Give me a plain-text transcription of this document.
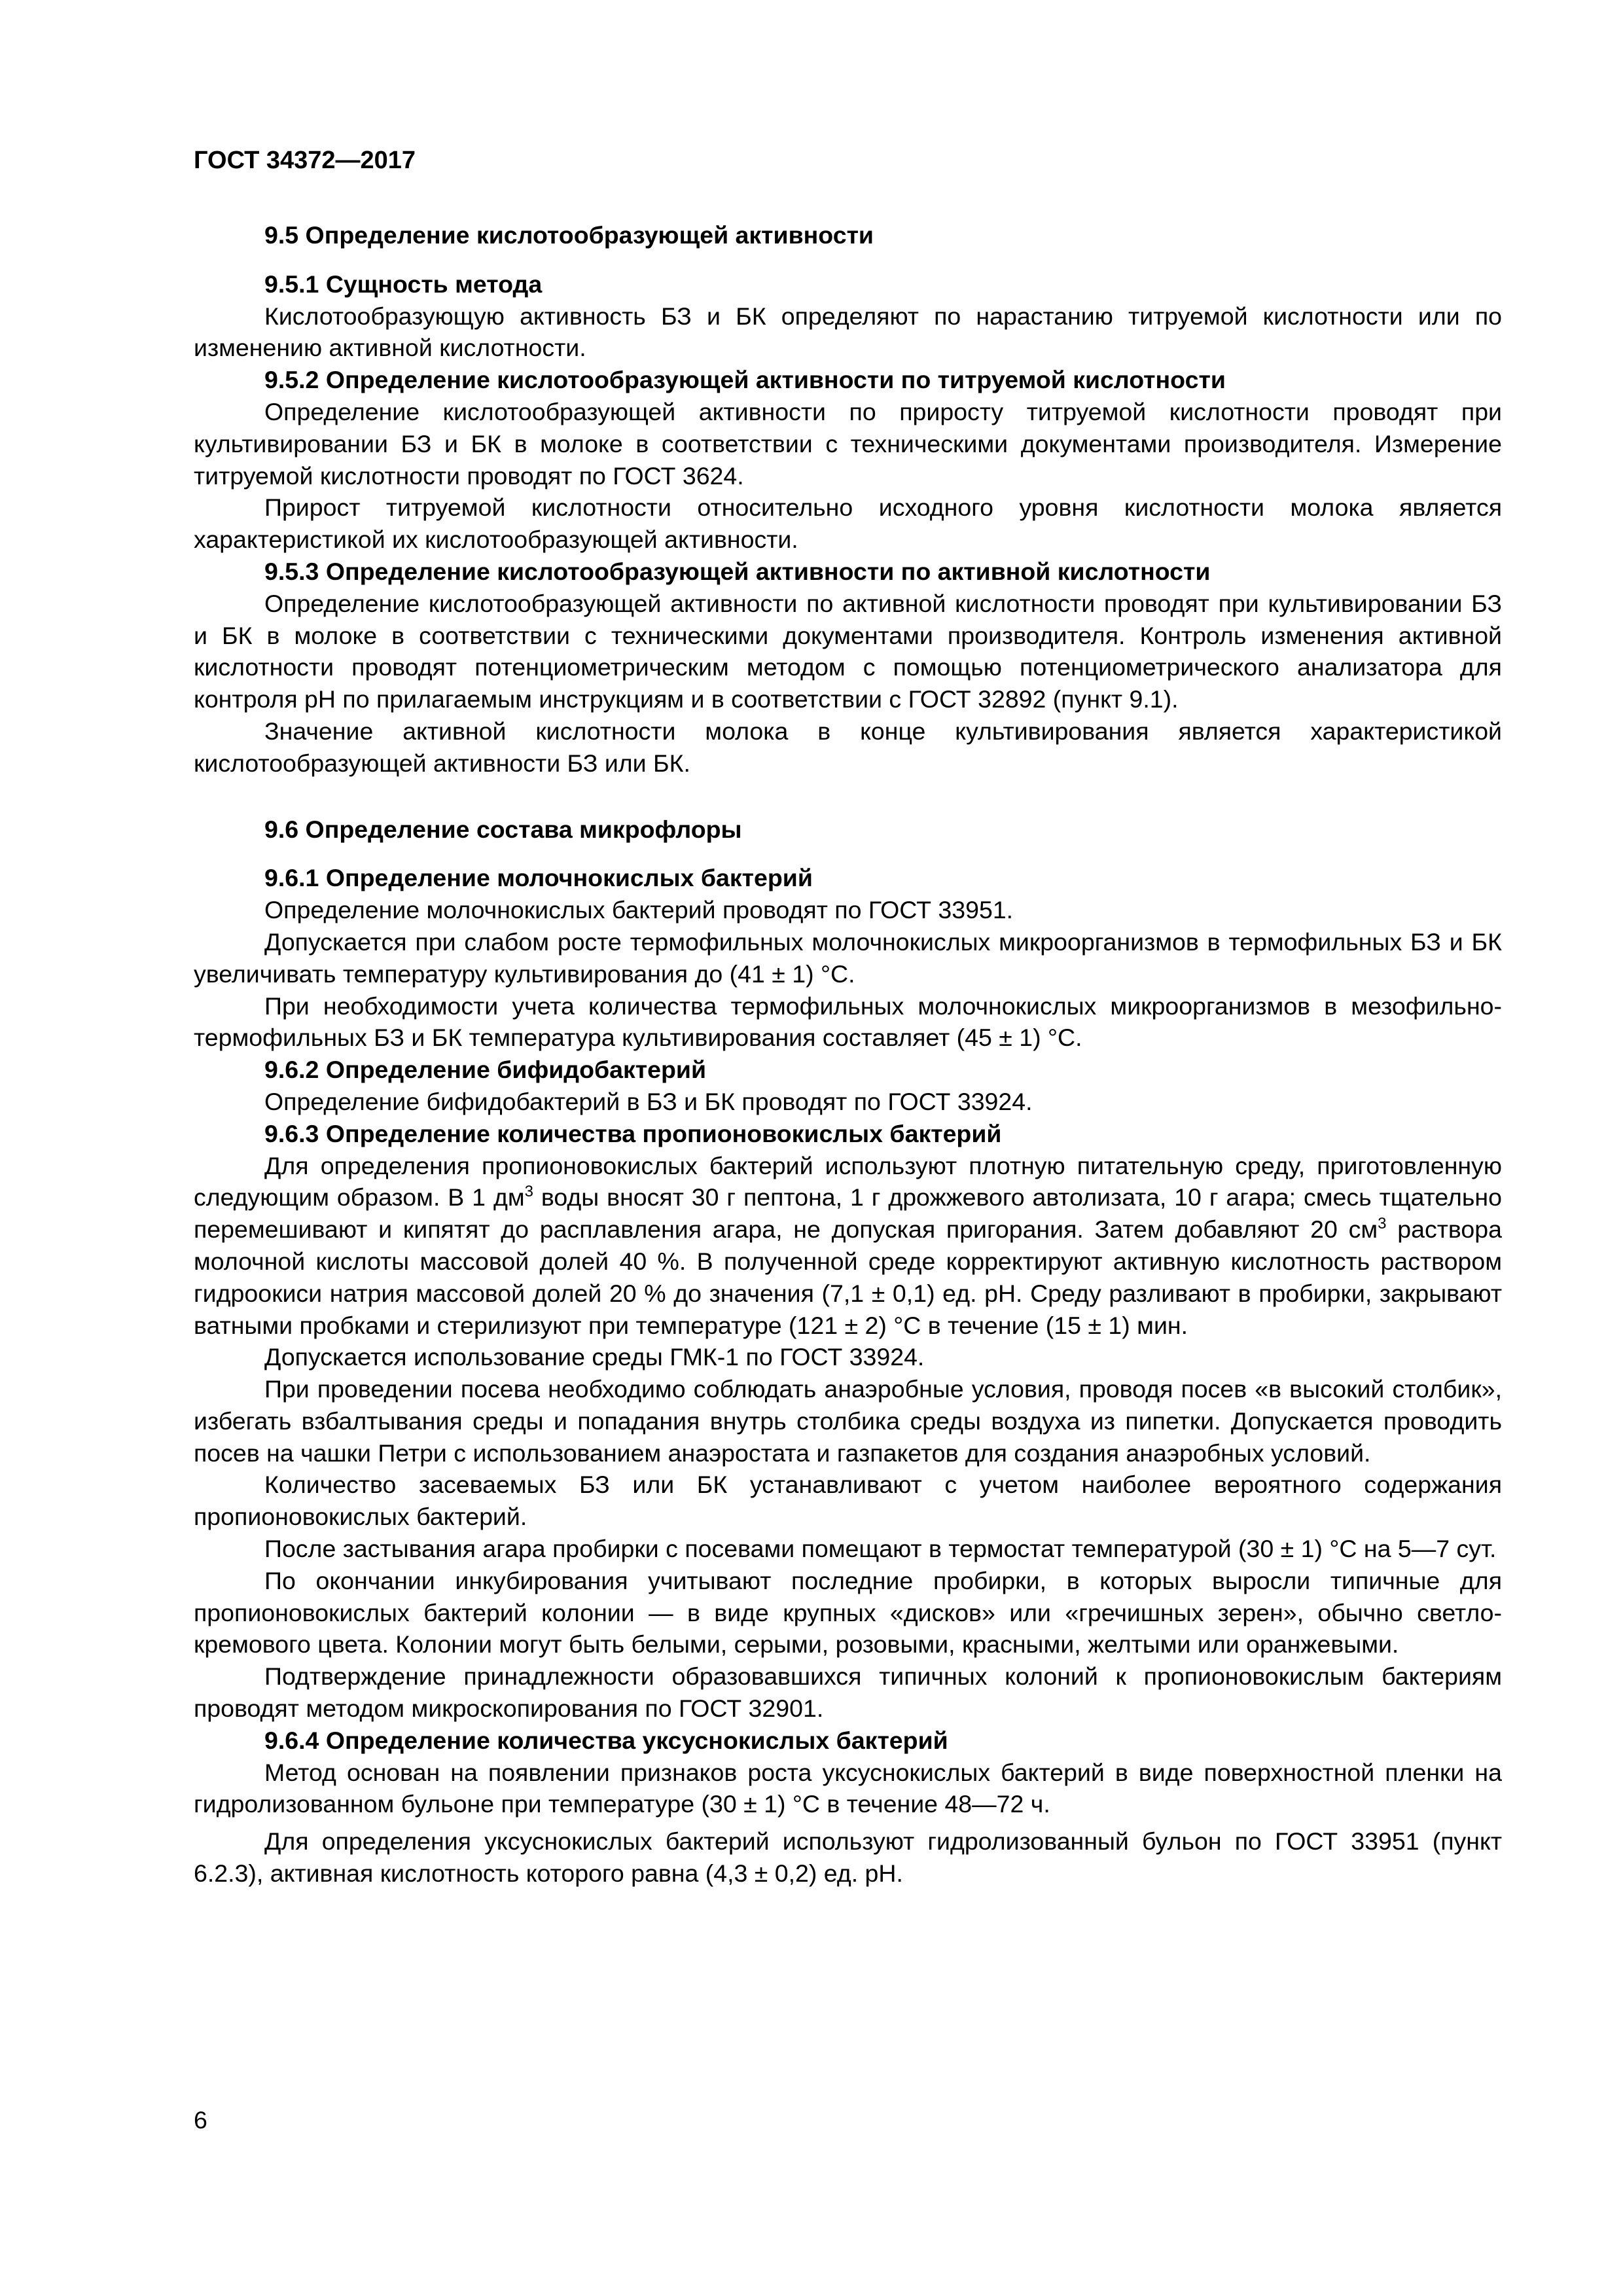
ГОСТ 34372—2017

9.5 Определение кислотообразующей активности

9.5.1 Сущность метода

Кислотообразующую активность БЗ и БК определяют по нарастанию титруемой кислотности или по изменению активной кислотности.

9.5.2 Определение кислотообразующей активности по титруемой кислотности

Определение кислотообразующей активности по приросту титруемой кислотности проводят при культивировании БЗ и БК в молоке в соответствии с техническими документами производителя. Измерение титруемой кислотности проводят по ГОСТ 3624.

Прирост титруемой кислотности относительно исходного уровня кислотности молока является характеристикой их кислотообразующей активности.

9.5.3 Определение кислотообразующей активности по активной кислотности

Определение кислотообразующей активности по активной кислотности проводят при культивировании БЗ и БК в молоке в соответствии с техническими документами производителя. Контроль изменения активной кислотности проводят потенциометрическим методом с помощью потенциометрического анализатора для контроля pH по прилагаемым инструкциям и в соответствии с ГОСТ 32892 (пункт 9.1).

Значение активной кислотности молока в конце культивирования является характеристикой кислотообразующей активности БЗ или БК.

9.6 Определение состава микрофлоры

9.6.1 Определение молочнокислых бактерий

Определение молочнокислых бактерий проводят по ГОСТ 33951.

Допускается при слабом росте термофильных молочнокислых микроорганизмов в термофильных БЗ и БК увеличивать температуру культивирования до (41 ± 1) °С.

При необходимости учета количества термофильных молочнокислых микроорганизмов в мезофильно-термофильных БЗ и БК температура культивирования составляет (45 ± 1) °С.

9.6.2 Определение бифидобактерий

Определение бифидобактерий в БЗ и БК проводят по ГОСТ 33924.

9.6.3 Определение количества пропионовокислых бактерий

Для определения пропионовокислых бактерий используют плотную питательную среду, приготовленную следующим образом. В 1 $дм^3$ воды вносят 30 г пептона, 1 г дрожжевого автолизата, 10 г агара; смесь тщательно перемешивают и кипятят до расплавления агара, не допуская пригорания. Затем добавляют 20 $см^3$ раствора молочной кислоты массовой долей 40 %. В полученной среде корректируют активную кислотность раствором гидроокиси натрия массовой долей 20 % до значения (7,1 ± 0,1) ед. pH. Среду разливают в пробирки, закрывают ватными пробками и стерилизуют при температуре (121 ± 2) °С в течение (15 ± 1) мин.

Допускается использование среды ГМК-1 по ГОСТ 33924.

При проведении посева необходимо соблюдать анаэробные условия, проводя посев «в высокий столбик», избегать взбалтывания среды и попадания внутрь столбика среды воздуха из пипетки. Допускается проводить посев на чашки Петри с использованием анаэростата и газпакетов для создания анаэробных условий.

Количество засеваемых БЗ или БК устанавливают с учетом наиболее вероятного содержания пропионовокислых бактерий.

После застывания агара пробирки с посевами помещают в термостат температурой (30 ± 1) °С на 5—7 сут.

По окончании инкубирования учитывают последние пробирки, в которых выросли типичные для пропионовокислых бактерий колонии — в виде крупных «дисков» или «гречишных зерен», обычно светло-кремового цвета. Колонии могут быть белыми, серыми, розовыми, красными, желтыми или оранжевыми.

Подтверждение принадлежности образовавшихся типичных колоний к пропионовокислым бактериям проводят методом микроскопирования по ГОСТ 32901.

9.6.4 Определение количества уксуснокислых бактерий

Метод основан на появлении признаков роста уксуснокислых бактерий в виде поверхностной пленки на гидролизованном бульоне при температуре (30 ± 1) °С в течение 48—72 ч.

Для определения уксуснокислых бактерий используют гидролизованный бульон по ГОСТ 33951 (пункт 6.2.3), активная кислотность которого равна (4,3 ± 0,2) ед. pH.

6
